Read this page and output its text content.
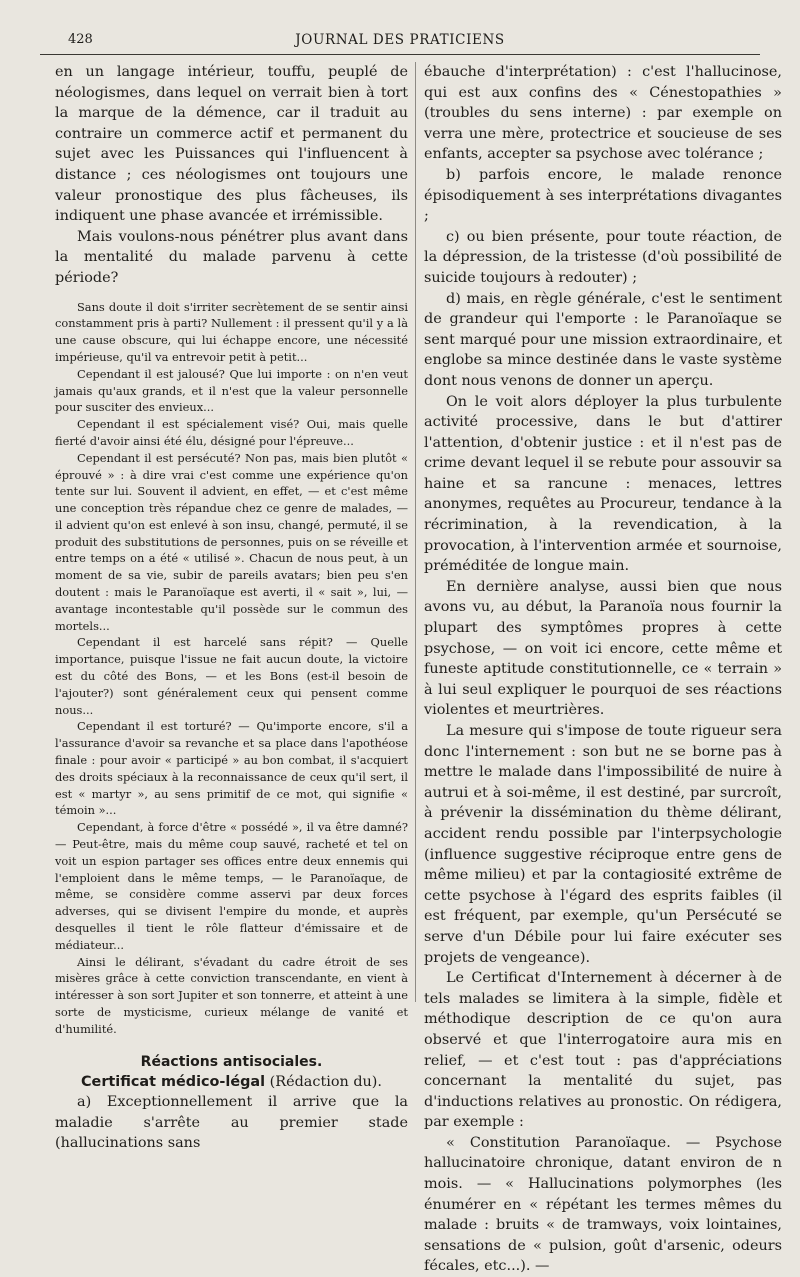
428	JOURNAL DES PRATICIENS

en un langage intérieur, touffu, peuplé de néologismes, dans lequel on verrait bien à tort la marque de la démence, car il traduit au contraire un commerce actif et permanent du sujet avec les Puissances qui l'influencent à distance ; ces néologismes ont toujours une valeur pronostique des plus fâcheuses, ils indiquent une phase avancée et irrémissible.

Mais voulons-nous pénétrer plus avant dans la mentalité du malade parvenu à cette période?

Sans doute il doit s'irriter secrètement de se sentir ainsi constamment pris à parti? Nullement : il pressent qu'il y a là une cause obscure, qui lui échappe encore, une nécessité impérieuse, qu'il va entrevoir petit à petit...

Cependant il est jalousé? Que lui importe : on n'en veut jamais qu'aux grands, et il n'est que la valeur personnelle pour susciter des envieux...

Cependant il est spécialement visé? Oui, mais quelle fierté d'avoir ainsi été élu, désigné pour l'épreuve...

Cependant il est persécuté? Non pas, mais bien plutôt « éprouvé » : à dire vrai c'est comme une expérience qu'on tente sur lui. Souvent il advient, en effet, — et c'est même une conception très répandue chez ce genre de malades, — il advient qu'on est enlevé à son insu, changé, permuté, il se produit des substitutions de personnes, puis on se réveille et entre temps on a été « utilisé ». Chacun de nous peut, à un moment de sa vie, subir de pareils avatars; bien peu s'en doutent : mais le Paranoïaque est averti, il « sait », lui, — avantage incontestable qu'il possède sur le commun des mortels...

Cependant il est harcelé sans répit? — Quelle importance, puisque l'issue ne fait aucun doute, la victoire est du côté des Bons, — et les Bons (est-il besoin de l'ajouter?) sont généralement ceux qui pensent comme nous...

Cependant il est torturé? — Qu'importe encore, s'il a l'assurance d'avoir sa revanche et sa place dans l'apothéose finale : pour avoir « participé » au bon combat, il s'acquiert des droits spéciaux à la reconnaissance de ceux qu'il sert, il est « martyr », au sens primitif de ce mot, qui signifie « témoin »...

Cependant, à force d'être « possédé », il va être damné? — Peut-être, mais du même coup sauvé, racheté et tel on voit un espion partager ses offices entre deux ennemis qui l'emploient dans le même temps, — le Paranoïaque, de même, se considère comme asservi par deux forces adverses, qui se divisent l'empire du monde, et auprès desquelles il tient le rôle flatteur d'émissaire et de médiateur...

Ainsi le délirant, s'évadant du cadre étroit de ses misères grâce à cette conviction transcendante, en vient à intéresser à son sort Jupiter et son tonnerre, et atteint à une sorte de mysticisme, curieux mélange de vanité et d'humilité.

Réactions antisociales.

Certificat médico-légal (Rédaction du).

a) Exceptionnellement il arrive que la maladie s'arrête au premier stade (hallucinations sans

ébauche d'interprétation) : c'est l'hallucinose, qui est aux confins des « Cénestopathies » (troubles du sens interne) : par exemple on verra une mère, protectrice et soucieuse de ses enfants, accepter sa psychose avec tolérance ;

b) parfois encore, le malade renonce épisodiquement à ses interprétations divagantes ;

c) ou bien présente, pour toute réaction, de la dépression, de la tristesse (d'où possibilité de suicide toujours à redouter) ;

d) mais, en règle générale, c'est le sentiment de grandeur qui l'emporte : le Paranoïaque se sent marqué pour une mission extraordinaire, et englobe sa mince destinée dans le vaste système dont nous venons de donner un aperçu.

On le voit alors déployer la plus turbulente activité processive, dans le but d'attirer l'attention, d'obtenir justice : et il n'est pas de crime devant lequel il se rebute pour assouvir sa haine et sa rancune : menaces, lettres anonymes, requêtes au Procureur, tendance à la récrimination, à la revendication, à la provocation, à l'intervention armée et sournoise, préméditée de longue main.

En dernière analyse, aussi bien que nous avons vu, au début, la Paranoïa nous fournir la plupart des symptômes propres à cette psychose, — on voit ici encore, cette même et funeste aptitude constitutionnelle, ce « terrain » à lui seul expliquer le pourquoi de ses réactions violentes et meurtrières.

La mesure qui s'impose de toute rigueur sera donc l'internement : son but ne se borne pas à mettre le malade dans l'impossibilité de nuire à autrui et à soi-même, il est destiné, par surcroît, à prévenir la dissémination du thème délirant, accident rendu possible par l'interpsychologie (influence suggestive réciproque entre gens de même milieu) et par la contagiosité extrême de cette psychose à l'égard des esprits faibles (il est fréquent, par exemple, qu'un Persécuté se serve d'un Débile pour lui faire exécuter ses projets de vengeance).

Le Certificat d'Internement à décerner à de tels malades se limitera à la simple, fidèle et méthodique description de ce qu'on aura observé et que l'interrogatoire aura mis en relief, — et c'est tout : pas d'appréciations concernant la mentalité du sujet, pas d'inductions relatives au pronostic. On rédigera, par exemple :

« Constitution Paranoïaque. — Psychose hallucinatoire chronique, datant environ de n mois. — « Hallucinations polymorphes (les énumérer en « répétant les termes mêmes du malade : bruits « de tramways, voix lointaines, sensations de « pulsion, goût d'arsenic, odeurs fécales, etc...). —
